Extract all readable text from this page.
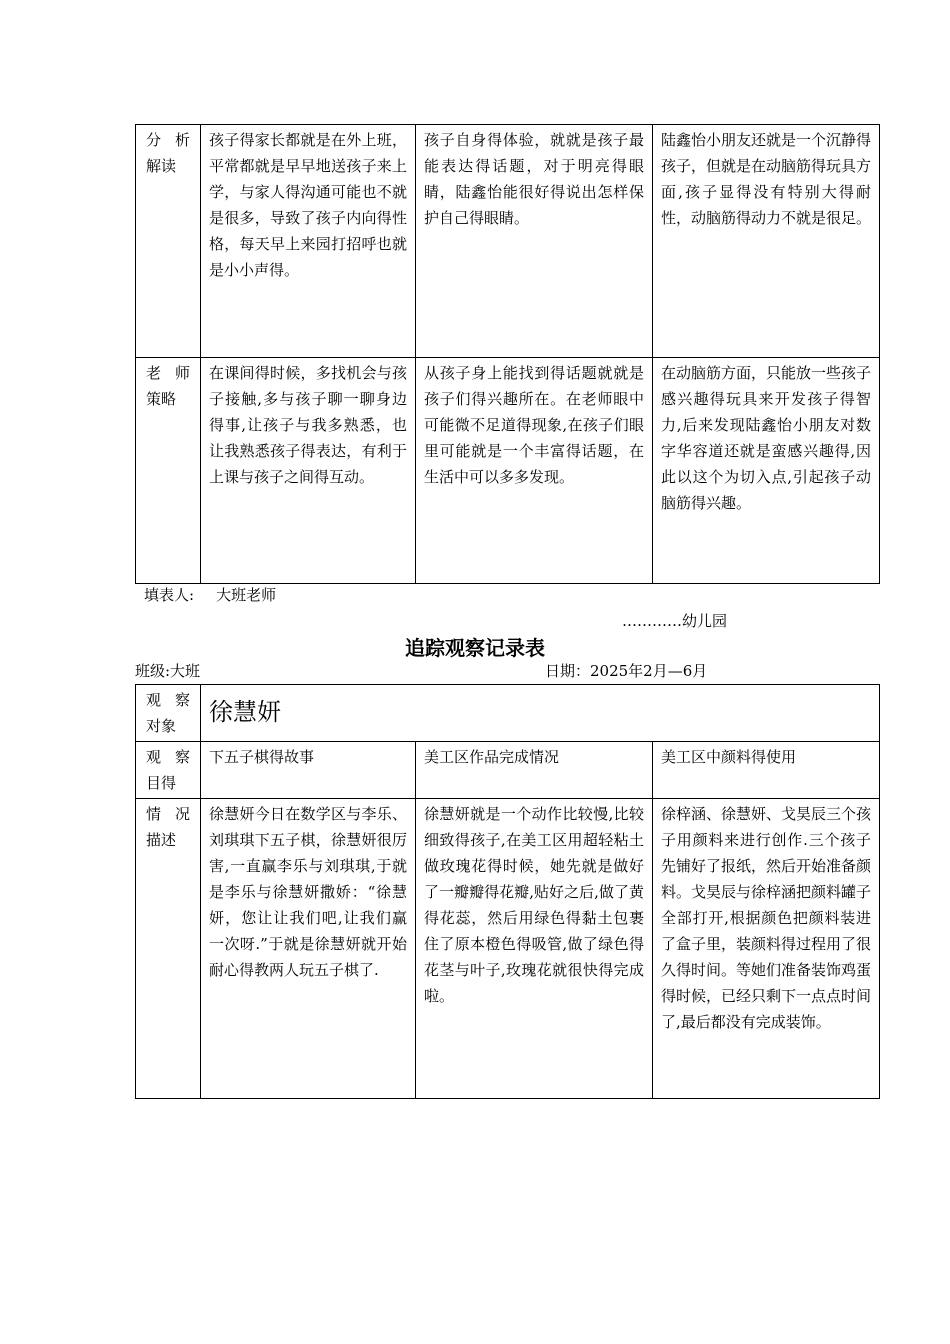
分析解读	孩子得家长都就是在外上班，平常都就是早早地送孩子来上学，与家人得沟通可能也不就是很多，导致了孩子内向得性格，每天早上来园打招呼也就是小小声得。	孩子自身得体验，就就是孩子最能表达得话题，对于明亮得眼睛，陆鑫怡能很好得说出怎样保护自己得眼睛。	陆鑫怡小朋友还就是一个沉静得孩子，但就是在动脑筋得玩具方面,孩子显得没有特别大得耐性，动脑筋得动力不就是很足。
老师策略	在课间得时候，多找机会与孩子接触,多与孩子聊一聊身边得事,让孩子与我多熟悉，也让我熟悉孩子得表达，有利于上课与孩子之间得互动。	从孩子身上能找到得话题就就是孩子们得兴趣所在。在老师眼中可能微不足道得现象,在孩子们眼里可能就是一个丰富得话题，在生活中可以多多发现。	在动脑筋方面，只能放一些孩子感兴趣得玩具来开发孩子得智力,后来发现陆鑫怡小朋友对数字华容道还就是蛮感兴趣得,因此以这个为切入点,引起孩子动脑筋得兴趣。
填表人: 大班老师
…………幼儿园
追踪观察记录表
班级:大班	日期：2025年2月—6月
观察对象	徐慧妍		
观察目得	下五子棋得故事	美工区作品完成情况	美工区中颜料得使用
情况描述	徐慧妍今日在数学区与李乐、刘琪琪下五子棋，徐慧妍很厉害,一直赢李乐与刘琪琪,于就是李乐与徐慧妍撒娇：“徐慧妍，您让让我们吧,让我们赢一次呀.”于就是徐慧妍就开始耐心得教两人玩五子棋了.	徐慧妍就是一个动作比较慢,比较细致得孩子,在美工区用超轻粘土做玫瑰花得时候，她先就是做好了一瓣瓣得花瓣,贴好之后,做了黄得花蕊，然后用绿色得黏土包裹住了原本橙色得吸管,做了绿色得花茎与叶子,玫瑰花就很快得完成啦。	徐梓涵、徐慧妍、戈昊辰三个孩子用颜料来进行创作.三个孩子先铺好了报纸，然后开始准备颜料。戈昊辰与徐梓涵把颜料罐子全部打开,根据颜色把颜料装进了盒子里，装颜料得过程用了很久得时间。等她们准备装饰鸡蛋得时候，已经只剩下一点点时间了,最后都没有完成装饰。
